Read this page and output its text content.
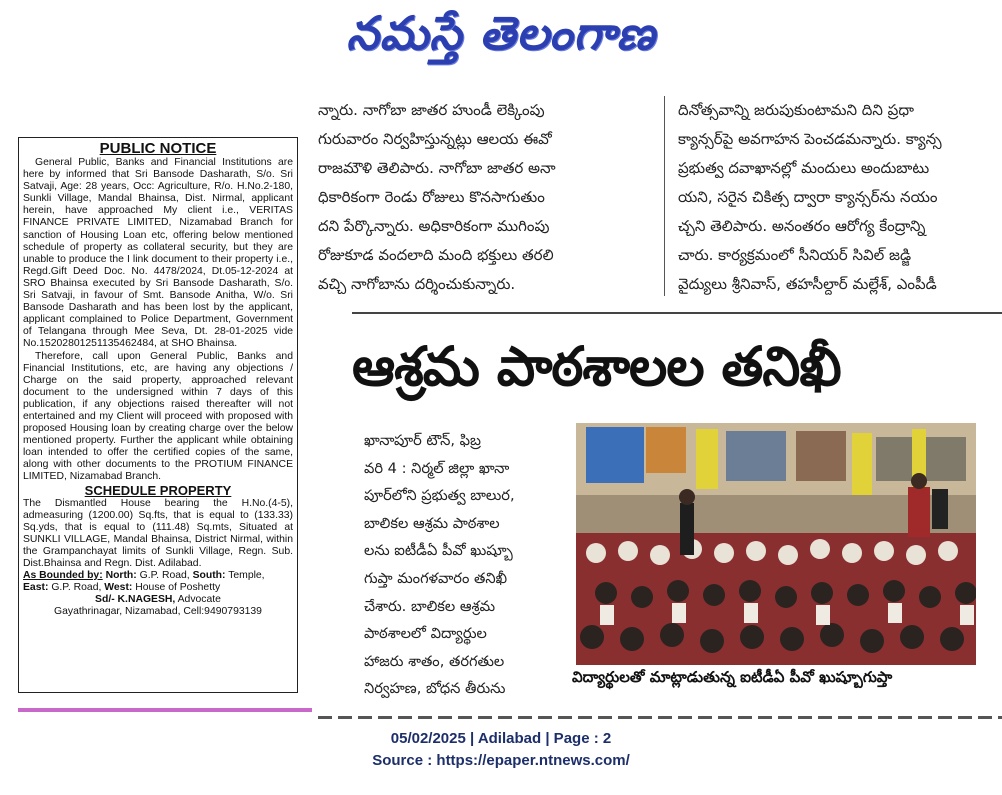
నమస్తే తెలంగాణ
PUBLIC NOTICE

General Public, Banks and Financial Institutions are here by informed that Sri Bansode Dasharath, S/o. Sri Satvaji, Age: 28 years, Occ: Agriculture, R/o. H.No.2-180, Sunkli Village, Mandal Bhainsa, Dist. Nirmal, applicant herein, have approached My client i.e., VERITAS FINANCE PRIVATE LIMITED, Nizamabad Branch for sanction of Housing Loan etc, offering below mentioned schedule of property as collateral security, but they are unable to produce the I link document to their property i.e., Regd.Gift Deed Doc. No. 4478/2024, Dt.05-12-2024 at SRO Bhainsa executed by Sri Bansode Dasharath, S/o. Sri Satvaji, in favour of Smt. Bansode Anitha, W/o. Sri Bansode Dasharath and has been lost by the applicant, applicant complained to Police Department, Government of Telangana through Mee Seva, Dt. 28-01-2025 vide No.15202801251135462484, at SHO Bhainsa.

Therefore, call upon General Public, Banks and Financial Institutions, etc, are having any objections / Charge on the said property, approached relevant document to the undersigned within 7 days of this publication, if any objections raised thereafter will not entertained and my Client will proceed with proposed with proposed Housing loan by creating charge over the below mentioned property. Further the applicant while obtaining loan intended to offer the certified copies of the same, along with other documents to the PROTIUM FINANCE LIMITED, Nizamabad Branch.

SCHEDULE PROPERTY

The Dismantled House bearing the H.No.(4-5), admeasuring (1200.00) Sq.fts, that is equal to (133.33) Sq.yds, that is equal to (111.48) Sq.mts, Situated at SUNKLI VILLAGE, Mandal Bhainsa, District Nirmal, within the Grampanchayat limits of Sunkli Village, Regn. Sub. Dist.Bhainsa and Regn. Dist. Adilabad.

As Bounded by: North: G.P. Road, South: Temple,
East: G.P. Road, West: House of Poshetty
Sd/- K.NAGESH, Advocate
Gayathrinagar, Nizamabad, Cell:9490793139
న్నారు. నాగోబా జాతర హుండీ లెక్కింపు
గురువారం నిర్వహిస్తున్నట్లు ఆలయ ఈవో
రాజమౌళి తెలిపారు. నాగోబా జాతర అనా
ధికారికంగా రెండు రోజులు కొనసాగుతుం
దని పేర్కొన్నారు. అధికారికంగా ముగింపు
రోజుకూడ వందలాది మంది భక్తులు తరలి
వచ్చి నాగోబాను దర్శించుకున్నారు.
దినోత్సవాన్ని జరుపుకుంటామని దిని ప్రధా
క్యాన్సర్‌పై అవగాహన పెంచడమన్నారు. క్యాన్స
ప్రభుత్వ దవాఖానల్లో మందులు అందుబాటు
యని, సరైన చికిత్స ద్వారా క్యాన్సర్‌ను నయం
చ్చని తెలిపారు. అనంతరం ఆరోగ్య కేంద్రాన్ని
చారు. కార్యక్రమంలో సీనియర్ సివిల్ జడ్జి
వైద్యులు శ్రీనివాస్, తహసీల్దార్ మల్లేశ్, ఎంపీడీ
ఆశ్రమ పాఠశాలల తనిఖీ
ఖానాపూర్ టౌన్, ఫిబ్ర
వరి 4 : నిర్మల్ జిల్లా ఖానా
పూర్‌లోని ప్రభుత్వ బాలుర,
బాలికల ఆశ్రమ పాఠశాల
లను ఐటీడీఏ పీవో ఖుష్బూ
గుప్తా మంగళవారం తనిఖీ
చేశారు. బాలికల ఆశ్రమ
పాఠశాలలో విద్యార్థుల
హాజరు శాతం, తరగతుల
నిర్వహణ, బోధన తీరును
విద్యార్థులతో మాట్లాడుతున్న ఐటీడీఏ పీవో ఖుష్బూగుప్తా
05/02/2025 | Adilabad | Page : 2
Source : https://epaper.ntnews.com/
